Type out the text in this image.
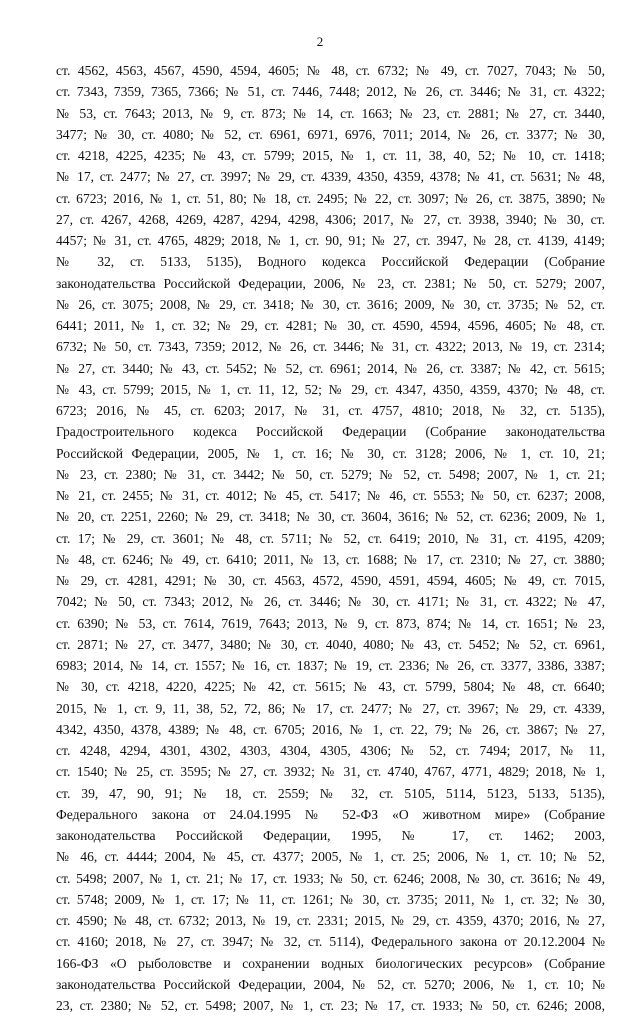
2
ст. 4562, 4563, 4567, 4590, 4594, 4605; № 48, ст. 6732; № 49, ст. 7027, 7043; № 50,
ст. 7343, 7359, 7365, 7366; № 51, ст. 7446, 7448; 2012, № 26, ст. 3446; № 31, ст. 4322;
№ 53, ст. 7643; 2013, № 9, ст. 873; № 14, ст. 1663; № 23, ст. 2881; № 27, ст. 3440,
3477; № 30, ст. 4080; № 52, ст. 6961, 6971, 6976, 7011; 2014, № 26, ст. 3377; № 30,
ст. 4218, 4225, 4235; № 43, ст. 5799; 2015, № 1, ст. 11, 38, 40, 52; № 10, ст. 1418;
№ 17, ст. 2477; № 27, ст. 3997; № 29, ст. 4339, 4350, 4359, 4378; № 41, ст. 5631; № 48,
ст. 6723; 2016, № 1, ст. 51, 80; № 18, ст. 2495; № 22, ст. 3097; № 26, ст. 3875, 3890; №
27, ст. 4267, 4268, 4269, 4287, 4294, 4298, 4306; 2017, № 27, ст. 3938, 3940; № 30, ст.
4457; № 31, ст. 4765, 4829; 2018, № 1, ст. 90, 91; № 27, ст. 3947, № 28, ст. 4139, 4149;
№ 32, ст. 5133, 5135), Водного кодекса Российской Федерации (Собрание
законодательства Российской Федерации, 2006, № 23, ст. 2381; № 50, ст. 5279; 2007,
№ 26, ст. 3075; 2008, № 29, ст. 3418; № 30, ст. 3616; 2009, № 30, ст. 3735; № 52, ст.
6441; 2011, № 1, ст. 32; № 29, ст. 4281; № 30, ст. 4590, 4594, 4596, 4605; № 48, ст.
6732; № 50, ст. 7343, 7359; 2012, № 26, ст. 3446; № 31, ст. 4322; 2013, № 19, ст. 2314;
№ 27, ст. 3440; № 43, ст. 5452; № 52, ст. 6961; 2014, № 26, ст. 3387; № 42, ст. 5615;
№ 43, ст. 5799; 2015, № 1, ст. 11, 12, 52; № 29, ст. 4347, 4350, 4359, 4370; № 48, ст.
6723; 2016, № 45, ст. 6203; 2017, № 31, ст. 4757, 4810; 2018, № 32, ст. 5135),
Градостроительного кодекса Российской Федерации (Собрание законодательства
Российской Федерации, 2005, № 1, ст. 16; № 30, ст. 3128; 2006, № 1, ст. 10, 21;
№ 23, ст. 2380; № 31, ст. 3442; № 50, ст. 5279; № 52, ст. 5498; 2007, № 1, ст. 21;
№ 21, ст. 2455; № 31, ст. 4012; № 45, ст. 5417; № 46, ст. 5553; № 50, ст. 6237; 2008,
№ 20, ст. 2251, 2260; № 29, ст. 3418; № 30, ст. 3604, 3616; № 52, ст. 6236; 2009, № 1,
ст. 17; № 29, ст. 3601; № 48, ст. 5711; № 52, ст. 6419; 2010, № 31, ст. 4195, 4209;
№ 48, ст. 6246; № 49, ст. 6410; 2011, № 13, ст. 1688; № 17, ст. 2310; № 27, ст. 3880;
№ 29, ст. 4281, 4291; № 30, ст. 4563, 4572, 4590, 4591, 4594, 4605; № 49, ст. 7015,
7042; № 50, ст. 7343; 2012, № 26, ст. 3446; № 30, ст. 4171; № 31, ст. 4322; № 47,
ст. 6390; № 53, ст. 7614, 7619, 7643; 2013, № 9, ст. 873, 874; № 14, ст. 1651; № 23,
ст. 2871; № 27, ст. 3477, 3480; № 30, ст. 4040, 4080; № 43, ст. 5452; № 52, ст. 6961,
6983; 2014, № 14, ст. 1557; № 16, ст. 1837; № 19, ст. 2336; № 26, ст. 3377, 3386, 3387;
№ 30, ст. 4218, 4220, 4225; № 42, ст. 5615; № 43, ст. 5799, 5804; № 48, ст. 6640;
2015, № 1, ст. 9, 11, 38, 52, 72, 86; № 17, ст. 2477; № 27, ст. 3967; № 29, ст. 4339,
4342, 4350, 4378, 4389; № 48, ст. 6705; 2016, № 1, ст. 22, 79; № 26, ст. 3867; № 27,
ст. 4248, 4294, 4301, 4302, 4303, 4304, 4305, 4306; № 52, ст. 7494; 2017, № 11,
ст. 1540; № 25, ст. 3595; № 27, ст. 3932; № 31, ст. 4740, 4767, 4771, 4829; 2018, № 1,
ст. 39, 47, 90, 91; № 18, ст. 2559; № 32, ст. 5105, 5114, 5123, 5133, 5135),
Федерального закона от 24.04.1995 № 52-ФЗ «О животном мире» (Собрание
законодательства Российской Федерации, 1995, № 17, ст. 1462; 2003,
№ 46, ст. 4444; 2004, № 45, ст. 4377; 2005, № 1, ст. 25; 2006, № 1, ст. 10; № 52,
ст. 5498; 2007, № 1, ст. 21; № 17, ст. 1933; № 50, ст. 6246; 2008, № 30, ст. 3616; № 49,
ст. 5748; 2009, № 1, ст. 17; № 11, ст. 1261; № 30, ст. 3735; 2011, № 1, ст. 32; № 30,
ст. 4590; № 48, ст. 6732; 2013, № 19, ст. 2331; 2015, № 29, ст. 4359, 4370; 2016, № 27,
ст. 4160; 2018, № 27, ст. 3947; № 32, ст. 5114), Федерального закона от 20.12.2004 №
166-ФЗ «О рыболовстве и сохранении водных биологических ресурсов» (Собрание
законодательства Российской Федерации, 2004, № 52, ст. 5270; 2006, № 1, ст. 10; №
23, ст. 2380; № 52, ст. 5498; 2007, № 1, ст. 23; № 17, ст. 1933; № 50, ст. 6246; 2008,
